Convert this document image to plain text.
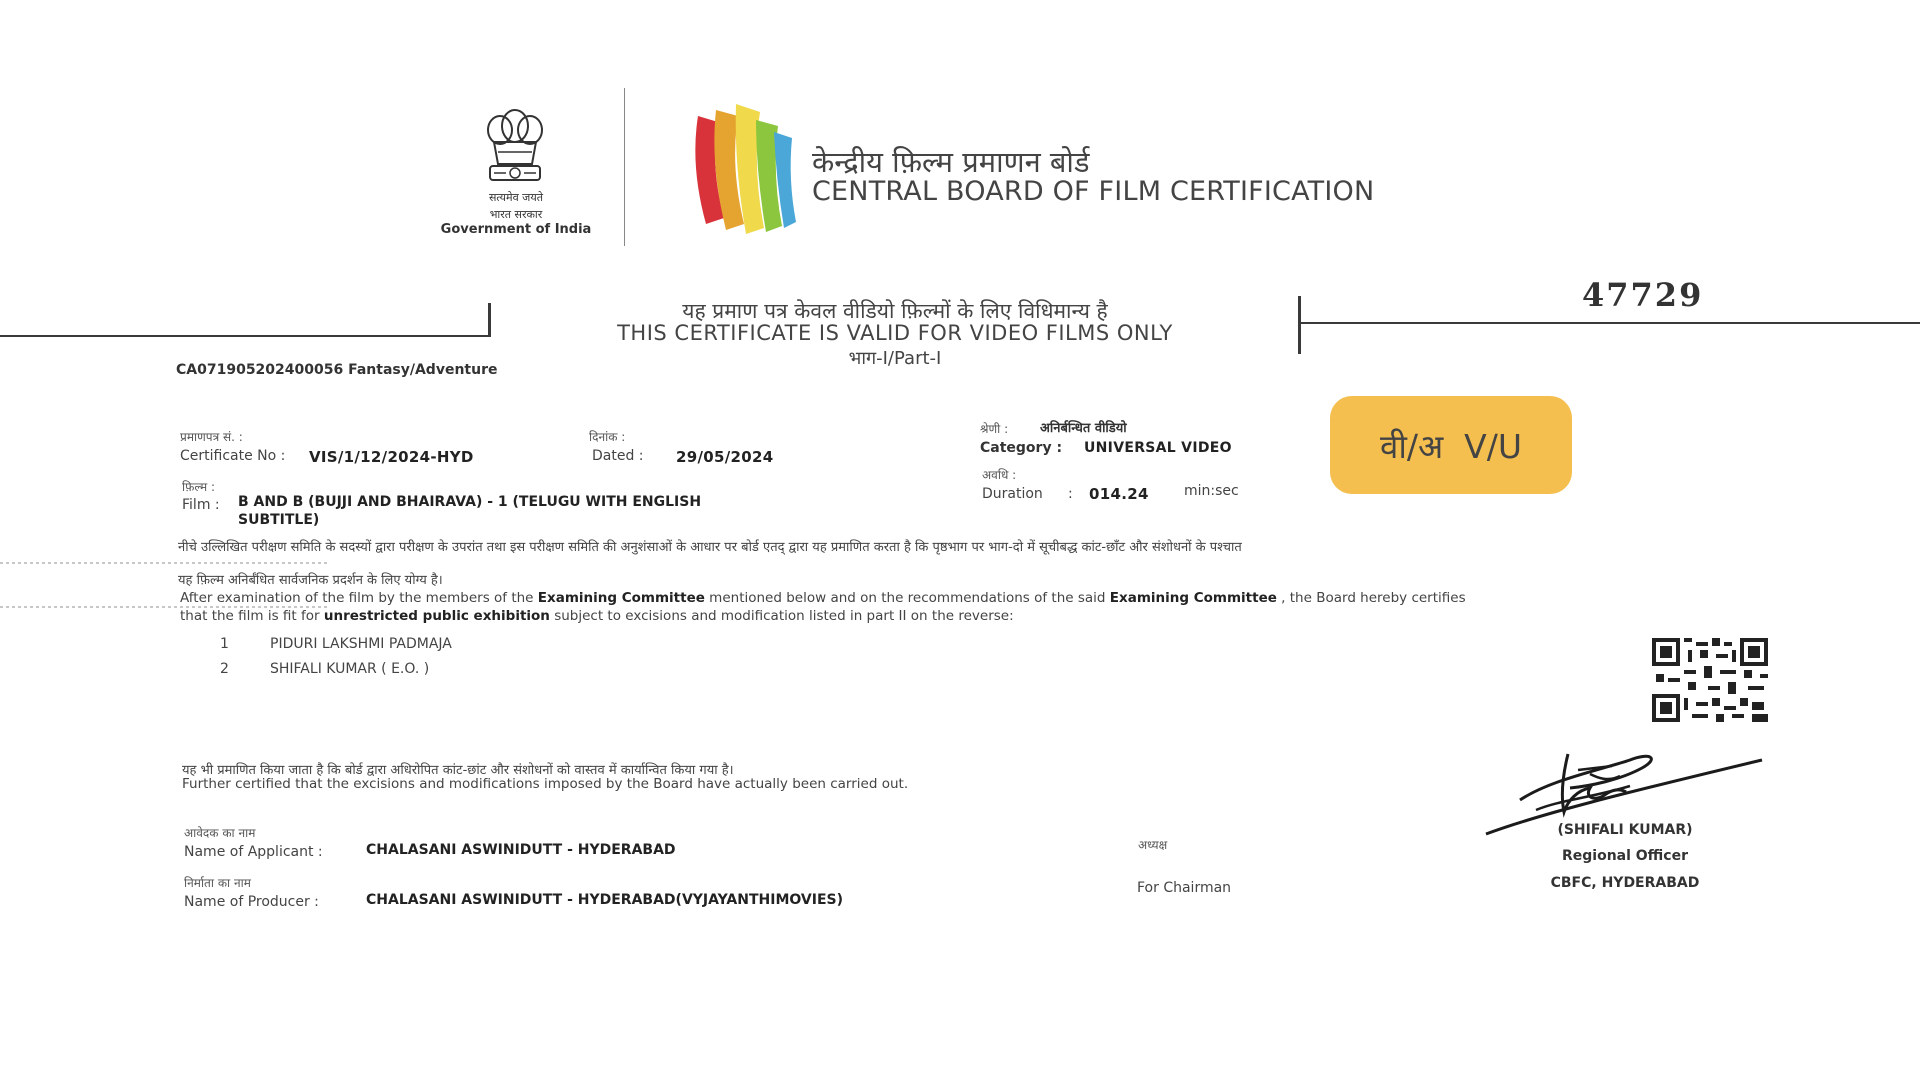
सत्यमेव जयते
भारत सरकार
Government of India
केन्द्रीय फ़िल्म प्रमाणन बोर्ड
CENTRAL BOARD OF FILM CERTIFICATION
यह प्रमाण पत्र केवल वीडियो फ़िल्मों के लिए विधिमान्य है
THIS CERTIFICATE IS VALID FOR VIDEO FILMS ONLY
भाग-I/Part-I
47729
CA071905202400056 Fantasy/Adventure
प्रमाणपत्र सं. :
Certificate No : VIS/1/12/2024-HYD
दिनांक :
Dated : 29/05/2024
श्रेणी : अनिर्बन्धित वीडियो
Category : UNIVERSAL VIDEO	वी/अ  V/U
फ़िल्म :
Film : B AND B (BUJJI AND BHAIRAVA) - 1 (TELUGU WITH ENGLISH
SUBTITLE)
अवधि :
Duration : 014.24	min:sec
नीचे उल्लिखित परीक्षण समिति के सदस्यों द्वारा परीक्षण के उपरांत तथा इस परीक्षण समिति की अनुशंसाओं के आधार पर बोर्ड एतद् द्वारा यह प्रमाणित करता है कि पृष्ठभाग पर भाग-दो में सूचीबद्ध कांट-छाँट और संशोधनों के पश्चात
यह फ़िल्म अनिर्बंधित सार्वजनिक प्रदर्शन के लिए योग्य है।
After examination of the film by the members of the Examining Committee mentioned below and on the recommendations of the said Examining Committee , the Board hereby certifies
that the film is fit for unrestricted public exhibition subject to excisions and modification listed in part II on the reverse:
1	PIDURI LAKSHMI PADMAJA
2	SHIFALI KUMAR ( E.O. )
यह भी प्रमाणित किया जाता है कि बोर्ड द्वारा अधिरोपित कांट-छांट और संशोधनों को वास्तव में कार्यान्वित किया गया है।
Further certified that the excisions and modifications imposed by the Board have actually been carried out.
आवेदक का नाम
Name of Applicant :	CHALASANI ASWINIDUTT - HYDERABAD
निर्माता का नाम
Name of Producer :	CHALASANI ASWINIDUTT - HYDERABAD(VYJAYANTHIMOVIES)
अध्यक्ष
For Chairman
(SHIFALI KUMAR)
Regional Officer
CBFC, HYDERABAD
